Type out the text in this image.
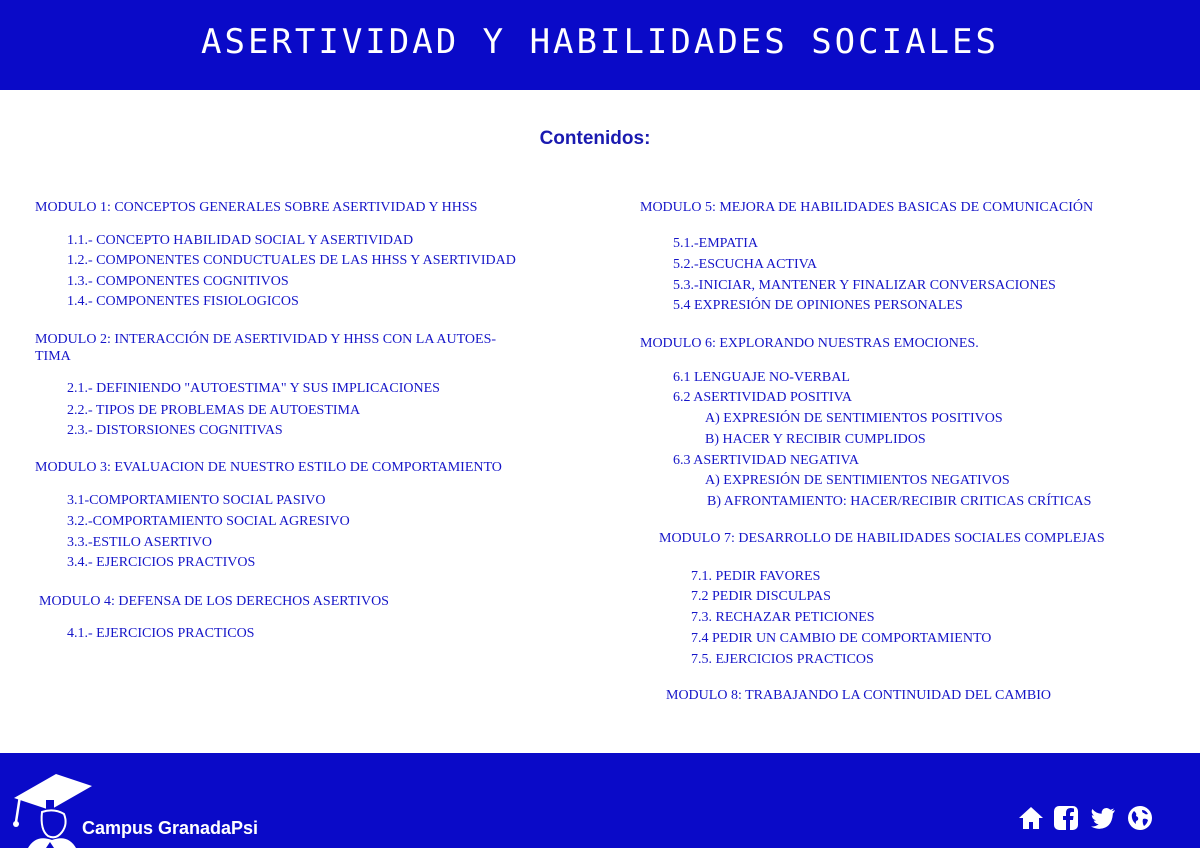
ASERTIVIDAD Y HABILIDADES SOCIALES
Contenidos:
MODULO 1: CONCEPTOS GENERALES SOBRE ASERTIVIDAD Y HHSS
1.1.- CONCEPTO HABILIDAD SOCIAL Y ASERTIVIDAD
1.2.- COMPONENTES CONDUCTUALES DE LAS HHSS Y ASERTIVIDAD
1.3.- COMPONENTES COGNITIVOS
1.4.- COMPONENTES FISIOLOGICOS
MODULO 2: INTERACCIÓN DE ASERTIVIDAD Y HHSS CON LA AUTOES-
TIMA
2.1.- DEFINIENDO "AUTOESTIMA" Y SUS IMPLICACIONES
2.2.- TIPOS DE PROBLEMAS DE AUTOESTIMA
2.3.- DISTORSIONES COGNITIVAS
MODULO 3: EVALUACION DE NUESTRO ESTILO DE COMPORTAMIENTO
3.1-COMPORTAMIENTO SOCIAL PASIVO
3.2.-COMPORTAMIENTO SOCIAL AGRESIVO
3.3.-ESTILO ASERTIVO
3.4.- EJERCICIOS PRACTIVOS
MODULO 4: DEFENSA DE LOS DERECHOS ASERTIVOS
4.1.- EJERCICIOS PRACTICOS
MODULO 5: MEJORA DE HABILIDADES BASICAS DE COMUNICACIÓN
5.1.-EMPATIA
5.2.-ESCUCHA ACTIVA
5.3.-INICIAR, MANTENER Y FINALIZAR CONVERSACIONES
5.4 EXPRESIÓN DE OPINIONES PERSONALES
MODULO 6: EXPLORANDO NUESTRAS EMOCIONES.
6.1 LENGUAJE NO-VERBAL
6.2 ASERTIVIDAD POSITIVA
A) EXPRESIÓN DE SENTIMIENTOS POSITIVOS
B) HACER Y RECIBIR CUMPLIDOS
6.3 ASERTIVIDAD NEGATIVA
A) EXPRESIÓN DE SENTIMIENTOS NEGATIVOS
B) AFRONTAMIENTO: HACER/RECIBIR CRITICAS CRÍTICAS
MODULO 7: DESARROLLO DE HABILIDADES SOCIALES COMPLEJAS
7.1. PEDIR FAVORES
7.2 PEDIR DISCULPAS
7.3. RECHAZAR PETICIONES
7.4 PEDIR UN CAMBIO DE COMPORTAMIENTO
7.5. EJERCICIOS PRACTICOS
MODULO 8: TRABAJANDO LA CONTINUIDAD DEL CAMBIO
Campus GranadaPsi
